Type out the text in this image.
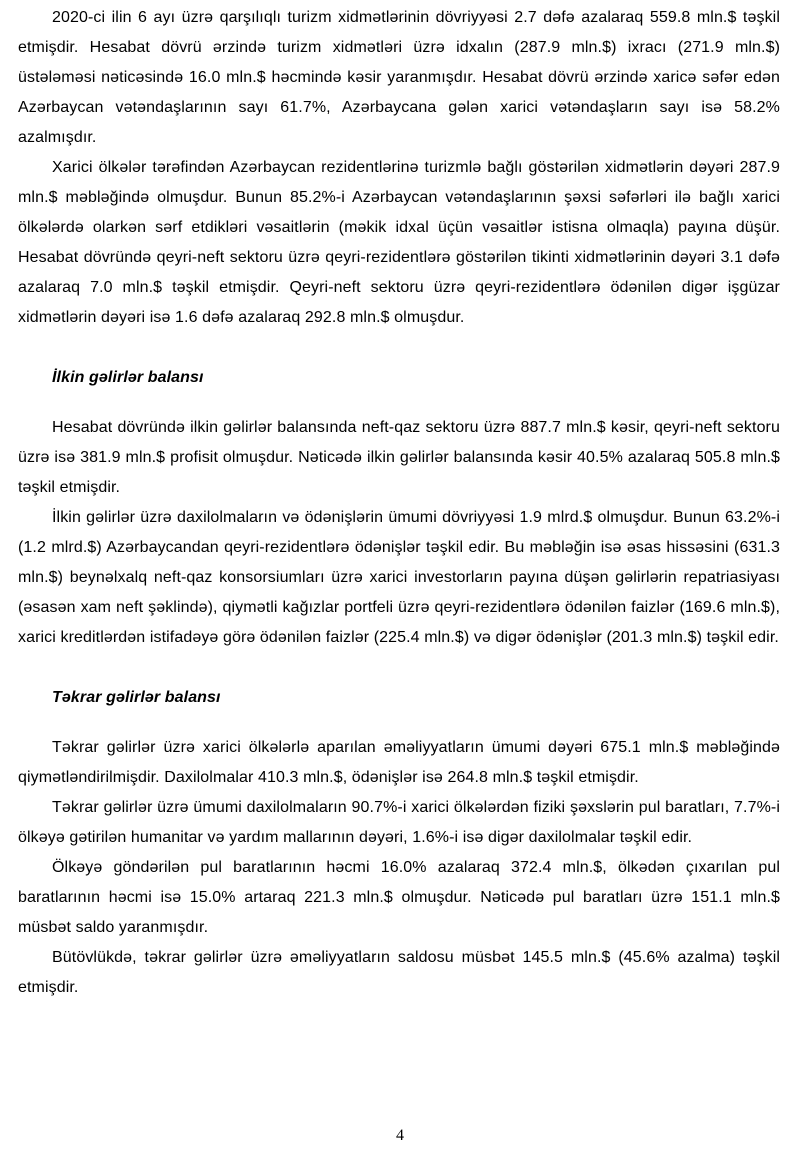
2020-ci ilin 6 ayı üzrə qarşılıqlı turizm xidmətlərinin dövriyyəsi 2.7 dəfə azalaraq 559.8 mln.$ təşkil etmişdir. Hesabat dövrü ərzində turizm xidmətləri üzrə idxalın (287.9 mln.$) ixracı (271.9 mln.$) üstələməsi nəticəsində 16.0 mln.$ həcmində kəsir yaranmışdır. Hesabat dövrü ərzində xaricə səfər edən Azərbaycan vətəndaşlarının sayı 61.7%, Azərbaycana gələn xarici vətəndaşların sayı isə 58.2% azalmışdır.

Xarici ölkələr tərəfindən Azərbaycan rezidentlərinə turizmlə bağlı göstərilən xidmətlərin dəyəri 287.9 mln.$ məbləğində olmuşdur. Bunun 85.2%-i Azərbaycan vətəndaşlarının şəxsi səfərləri ilə bağlı xarici ölkələrdə olarkən sərf etdikləri vəsaitlərin (məkik idxal üçün vəsaitlər istisna olmaqla) payına düşür. Hesabat dövründə qeyri-neft sektoru üzrə qeyri-rezidentlərə göstərilən tikinti xidmətlərinin dəyəri 3.1 dəfə azalaraq 7.0 mln.$ təşkil etmişdir. Qeyri-neft sektoru üzrə qeyri-rezidentlərə ödənilən digər işgüzar xidmətlərin dəyəri isə 1.6 dəfə azalaraq 292.8 mln.$ olmuşdur.

İlkin gəlirlər balansı

Hesabat dövründə ilkin gəlirlər balansında neft-qaz sektoru üzrə 887.7 mln.$ kəsir, qeyri-neft sektoru üzrə isə 381.9 mln.$ profisit olmuşdur. Nəticədə ilkin gəlirlər balansında kəsir 40.5% azalaraq 505.8 mln.$ təşkil etmişdir.

İlkin gəlirlər üzrə daxilolmaların və ödənişlərin ümumi dövriyyəsi 1.9 mlrd.$ olmuşdur. Bunun 63.2%-i (1.2 mlrd.$) Azərbaycandan qeyri-rezidentlərə ödənişlər təşkil edir. Bu məbləğin isə əsas hissəsini (631.3 mln.$) beynəlxalq neft-qaz konsorsiumları üzrə xarici investorların payına düşən gəlirlərin repatriasiyası (əsasən xam neft şəklində), qiymətli kağızlar portfeli üzrə qeyri-rezidentlərə ödənilən faizlər (169.6 mln.$), xarici kreditlərdən istifadəyə görə ödənilən faizlər (225.4 mln.$) və digər ödənişlər (201.3 mln.$) təşkil edir.

Təkrar gəlirlər balansı

Təkrar gəlirlər üzrə xarici ölkələrlə aparılan əməliyyatların ümumi dəyəri 675.1 mln.$ məbləğində qiymətləndirilmişdir. Daxilolmalar 410.3 mln.$, ödənişlər isə 264.8 mln.$ təşkil etmişdir.

Təkrar gəlirlər üzrə ümumi daxilolmaların 90.7%-i xarici ölkələrdən fiziki şəxslərin pul baratları, 7.7%-i ölkəyə gətirilən humanitar və yardım mallarının dəyəri, 1.6%-i isə digər daxilolmalar təşkil edir.

Ölkəyə göndərilən pul baratlarının həcmi 16.0% azalaraq 372.4 mln.$, ölkədən çıxarılan pul baratlarının həcmi isə 15.0% artaraq 221.3 mln.$ olmuşdur. Nəticədə pul baratları üzrə 151.1 mln.$ müsbət saldo yaranmışdır.

Bütövlükdə, təkrar gəlirlər üzrə əməliyyatların saldosu müsbət 145.5 mln.$ (45.6% azalma) təşkil etmişdir.

4
